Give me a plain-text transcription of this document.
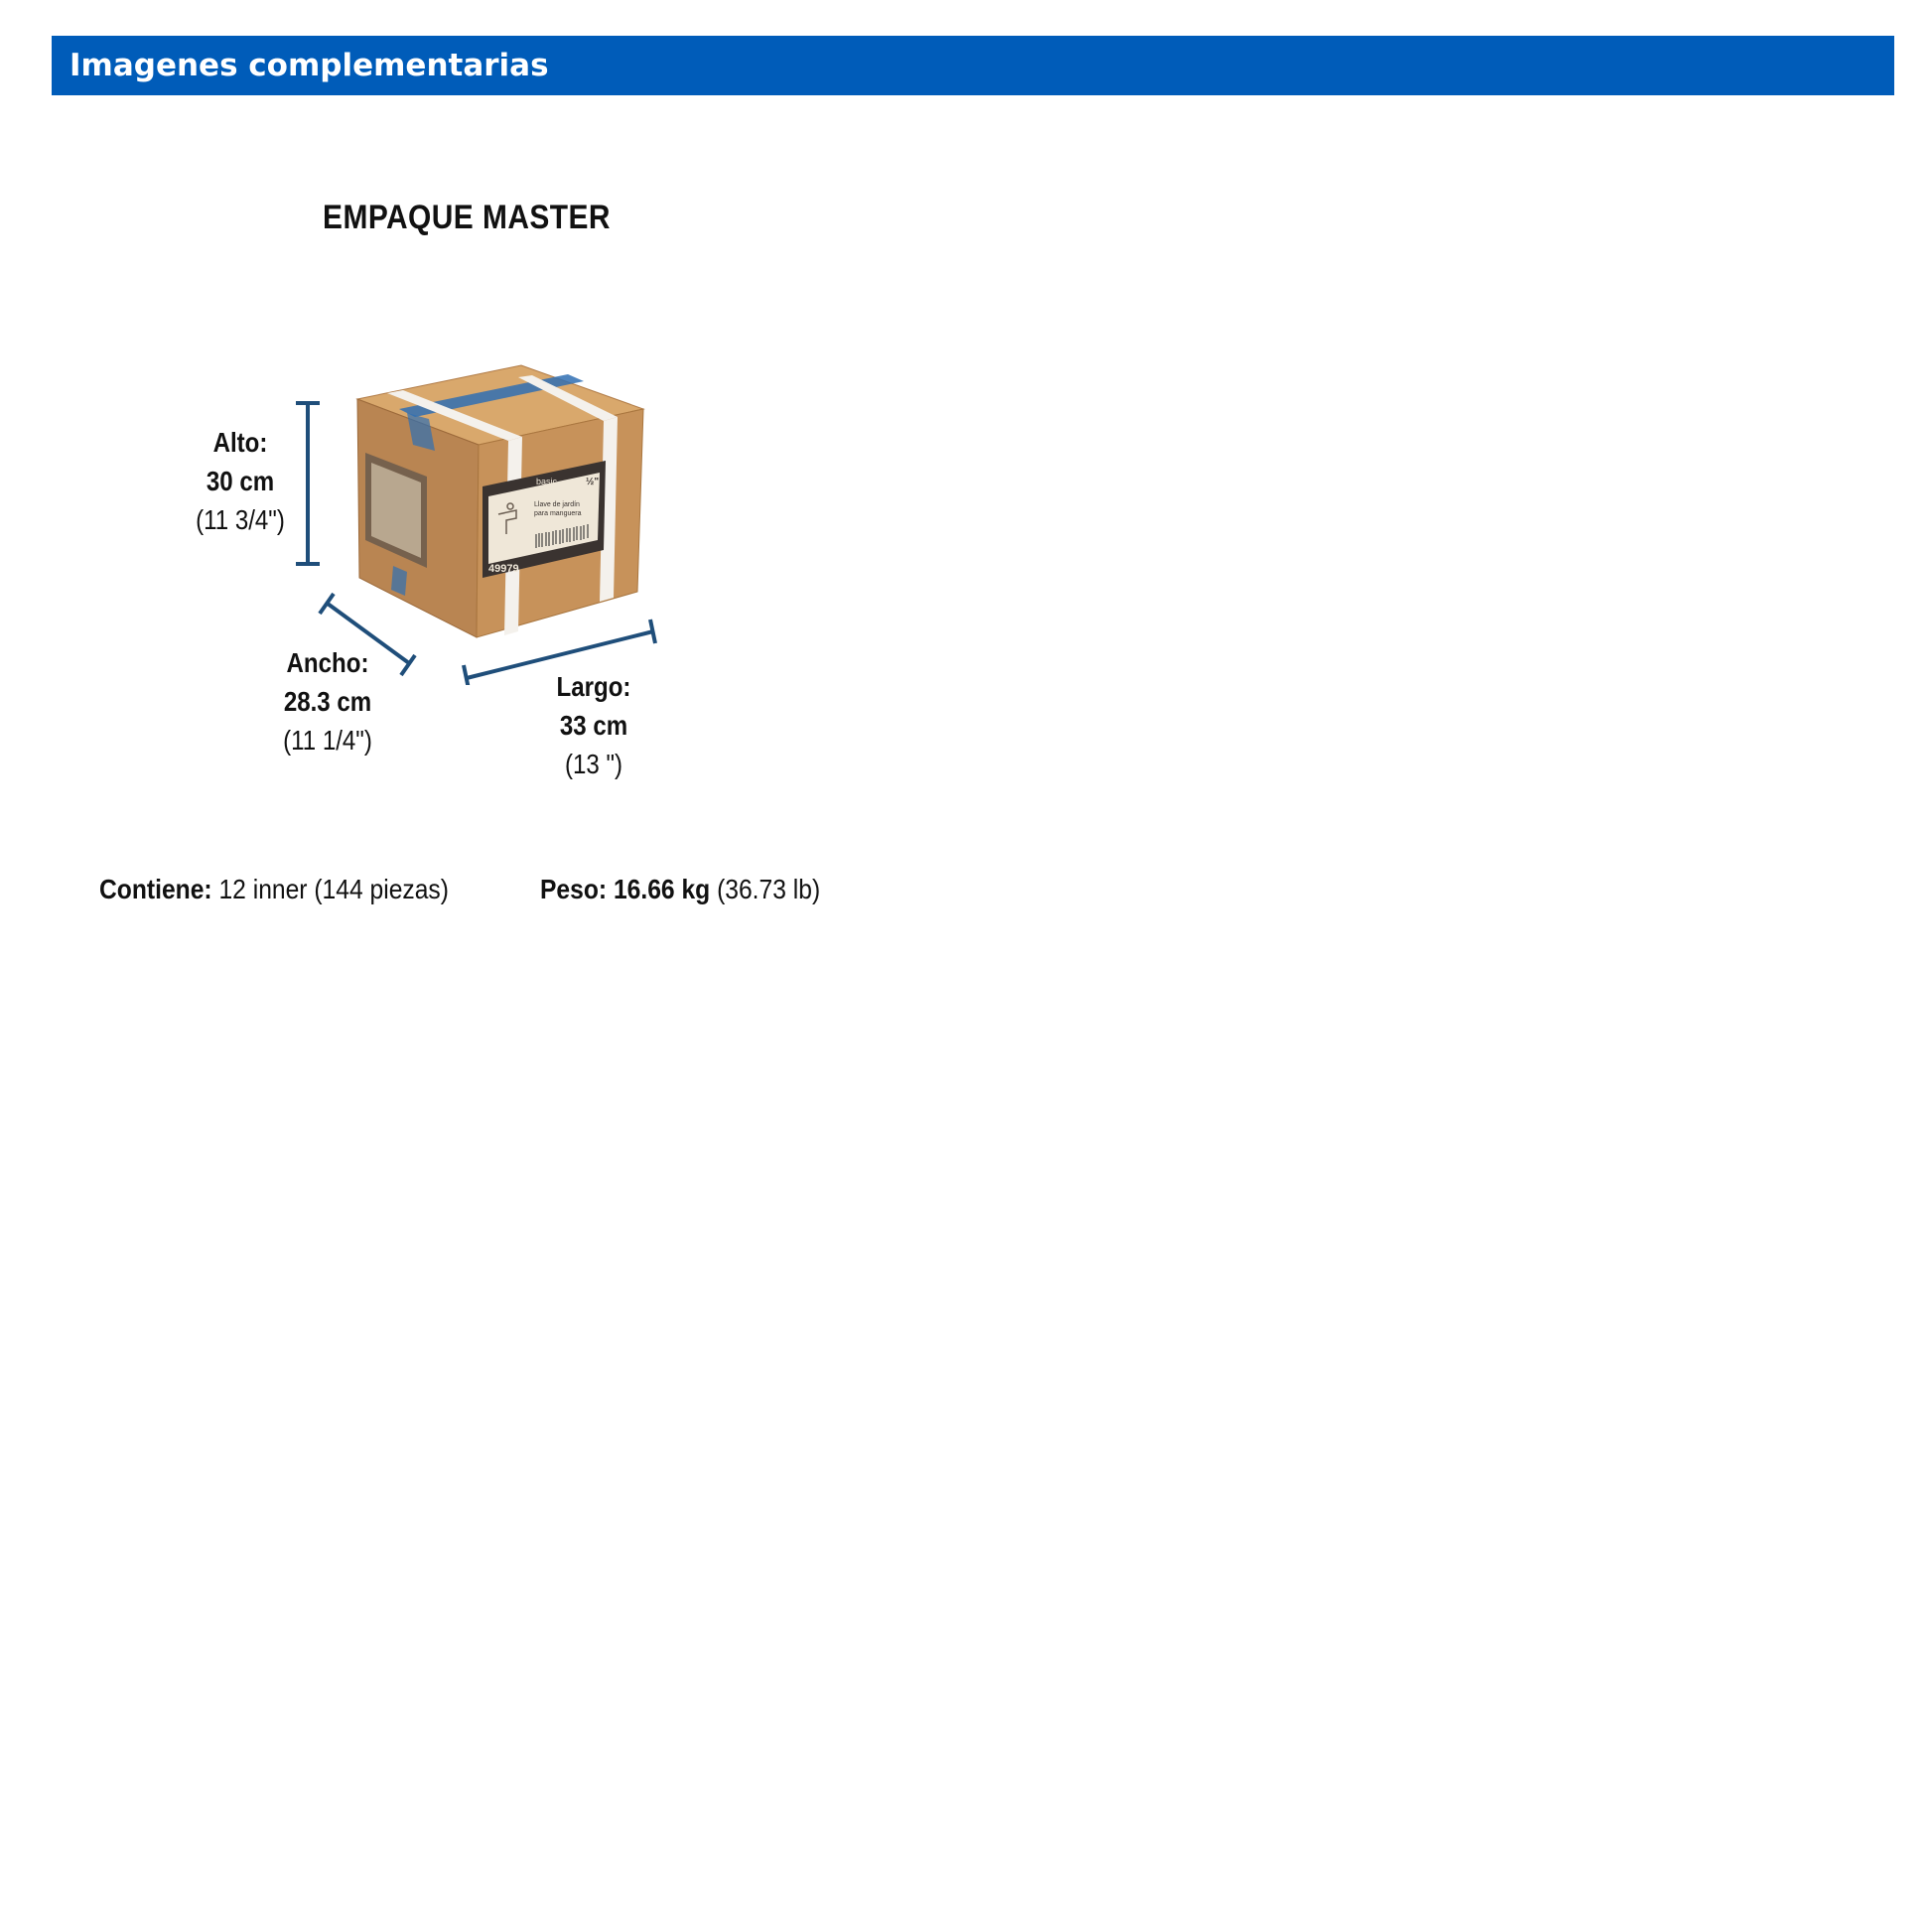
Imagenes complementarias
EMPAQUE MASTER
basic	½"
Llave de jardín
para manguera
49979
Alto:
30 cm
(11 3/4")
Ancho:
28.3 cm
(11 1/4")
Largo:
33 cm
(13 ")
Contiene: 12 inner (144 piezas)	Peso: 16.66 kg (36.73 lb)
